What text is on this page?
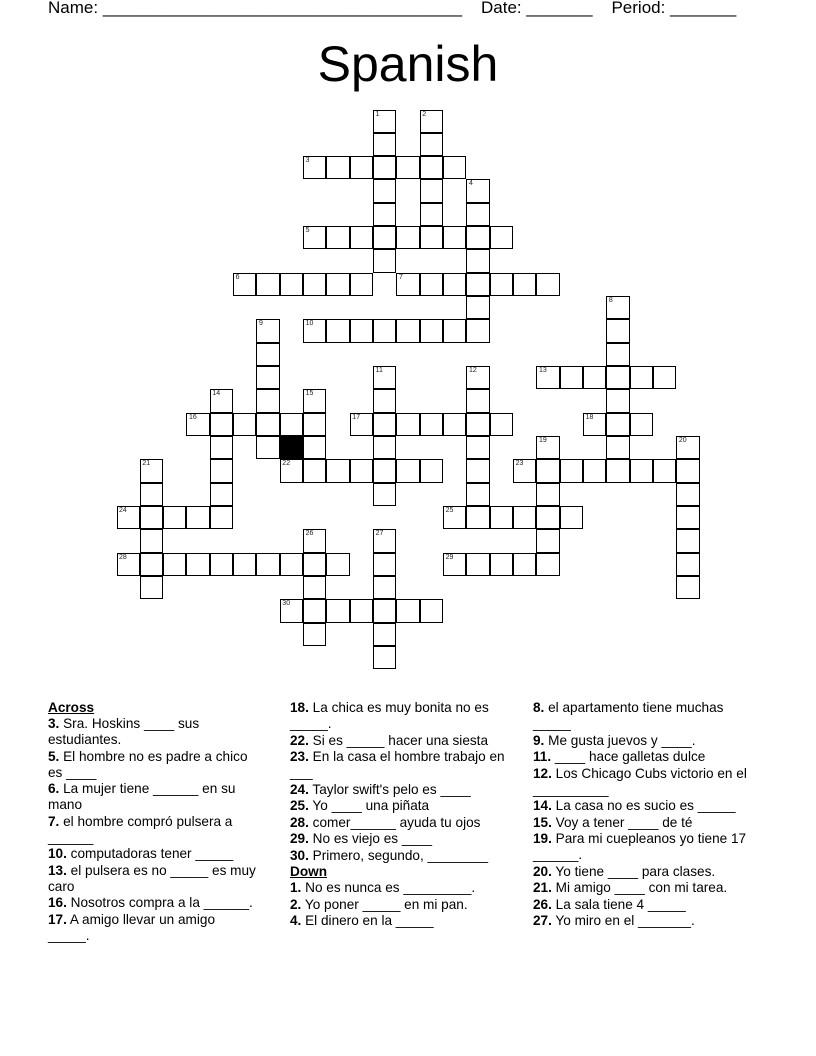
Name: ______________________________________ Date: _______ Period: _______
Spanish
1	2
3
4
5
6	7
8
9	10
11	12	13
14	15
16	17	18
19	20
21	22	23
24	25
26	27
28	29
30
Across
3. Sra. Hoskins ____ sus estudiantes.
5. El hombre no es padre a chico es ____
6. La mujer tiene ______ en su mano
7. el hombre compró pulsera a ______
10. computadoras tener _____
13. el pulsera es no _____ es muy caro
16. Nosotros compra a la ______.
17. A amigo llevar un amigo _____.
18. La chica es muy bonita no es _____.
22. Si es _____ hacer una siesta
23. En la casa el hombre trabajo en ___
24. Taylor swift's pelo es ____
25. Yo ____ una piñata
28. comer______ ayuda tu ojos
29. No es viejo es ____
30. Primero, segundo, ________
Down
1. No es nunca es _________.
2. Yo poner _____ en mi pan.
4. El dinero en la _____
8. el apartamento tiene muchas _____
9. Me gusta juevos y ____.
11. ____ hace galletas dulce
12. Los Chicago Cubs victorio en el __________
14. La casa no es sucio es _____
15. Voy a tener ____ de té
19. Para mi cuepleanos yo tiene 17 ______.
20. Yo tiene ____ para clases.
21. Mi amigo ____ con mi tarea.
26. La sala tiene 4 _____
27. Yo miro en el _______.
